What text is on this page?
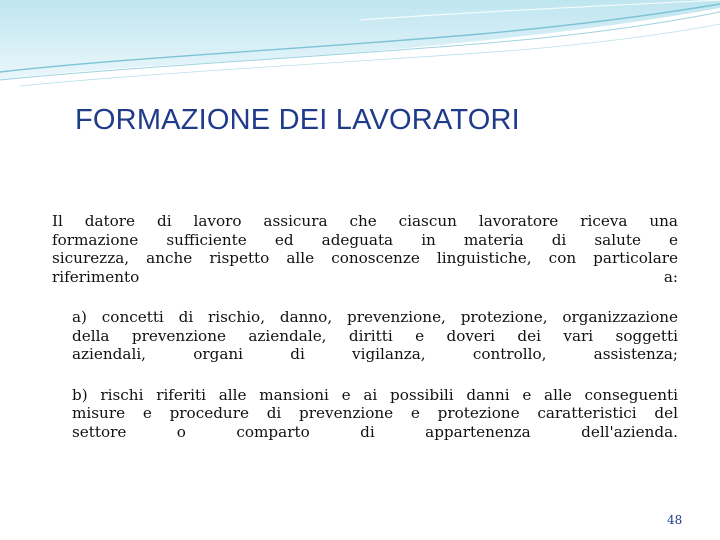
FORMAZIONE DEI LAVORATORI
Il datore di lavoro assicura che ciascun lavoratore riceva una
formazione sufficiente ed adeguata in materia di salute e
sicurezza, anche rispetto alle conoscenze linguistiche, con particolare
riferimento a:
a) concetti di rischio, danno, prevenzione, protezione, organizzazione
della prevenzione aziendale, diritti e doveri dei vari soggetti
aziendali, organi di vigilanza, controllo, assistenza;
b) rischi riferiti alle mansioni e ai possibili danni e alle conseguenti
misure e procedure di prevenzione e protezione caratteristici del
settore o comparto di appartenenza dell'azienda.
48
